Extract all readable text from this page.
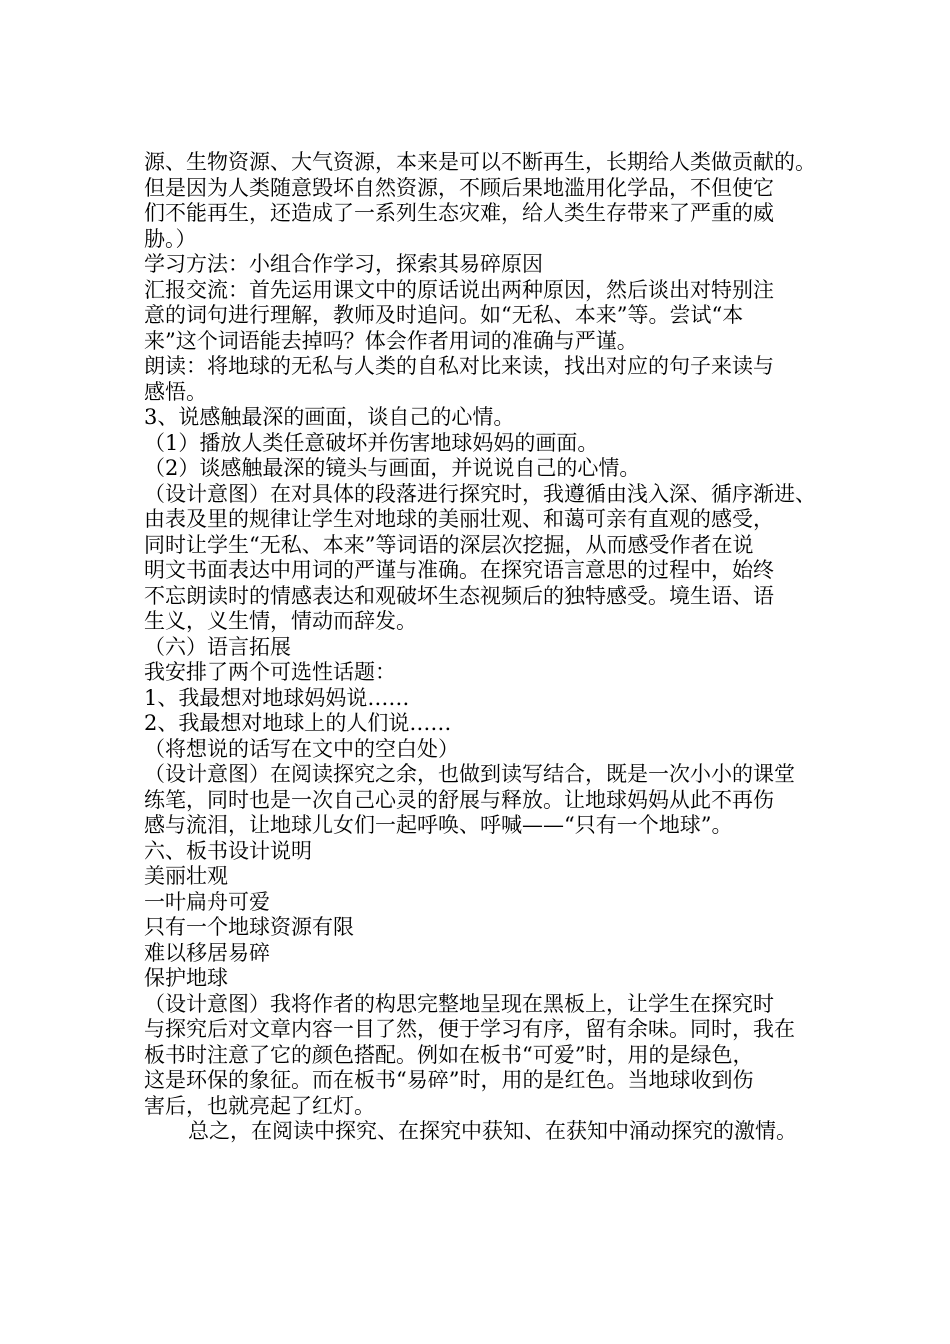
源、生物资源、大气资源，本来是可以不断再生，长期给人类做贡献的。

但是因为人类随意毁坏自然资源，不顾后果地滥用化学品，不但使它

们不能再生，还造成了一系列生态灾难，给人类生存带来了严重的威

胁。）

学习方法：小组合作学习，探索其易碎原因

汇报交流：首先运用课文中的原话说出两种原因，然后谈出对特别注

意的词句进行理解，教师及时追问。如“无私、本来”等。尝试“本

来”这个词语能去掉吗？体会作者用词的准确与严谨。

朗读：将地球的无私与人类的自私对比来读，找出对应的句子来读与

感悟。

3、说感触最深的画面，谈自己的心情。

（1）播放人类任意破坏并伤害地球妈妈的画面。

（2）谈感触最深的镜头与画面，并说说自己的心情。

（设计意图）在对具体的段落进行探究时，我遵循由浅入深、循序渐进、

由表及里的规律让学生对地球的美丽壮观、和蔼可亲有直观的感受，

同时让学生“无私、本来”等词语的深层次挖掘，从而感受作者在说

明文书面表达中用词的严谨与准确。在探究语言意思的过程中，始终

不忘朗读时的情感表达和观破坏生态视频后的独特感受。境生语、语

生义，义生情，情动而辞发。

（六）语言拓展

我安排了两个可选性话题：

1、我最想对地球妈妈说……

2、我最想对地球上的人们说……

（将想说的话写在文中的空白处）

（设计意图）在阅读探究之余，也做到读写结合，既是一次小小的课堂

练笔，同时也是一次自己心灵的舒展与释放。让地球妈妈从此不再伤

感与流泪，让地球儿女们一起呼唤、呼喊——“只有一个地球”。

六、板书设计说明

美丽壮观

一叶扁舟可爱

只有一个地球资源有限

难以移居易碎

保护地球

（设计意图）我将作者的构思完整地呈现在黑板上，让学生在探究时

与探究后对文章内容一目了然，便于学习有序，留有余味。同时，我在

板书时注意了它的颜色搭配。例如在板书“可爱”时，用的是绿色，

这是环保的象征。而在板书“易碎”时，用的是红色。当地球收到伤

害后，也就亮起了红灯。

总之，在阅读中探究、在探究中获知、在获知中涌动探究的激情。
